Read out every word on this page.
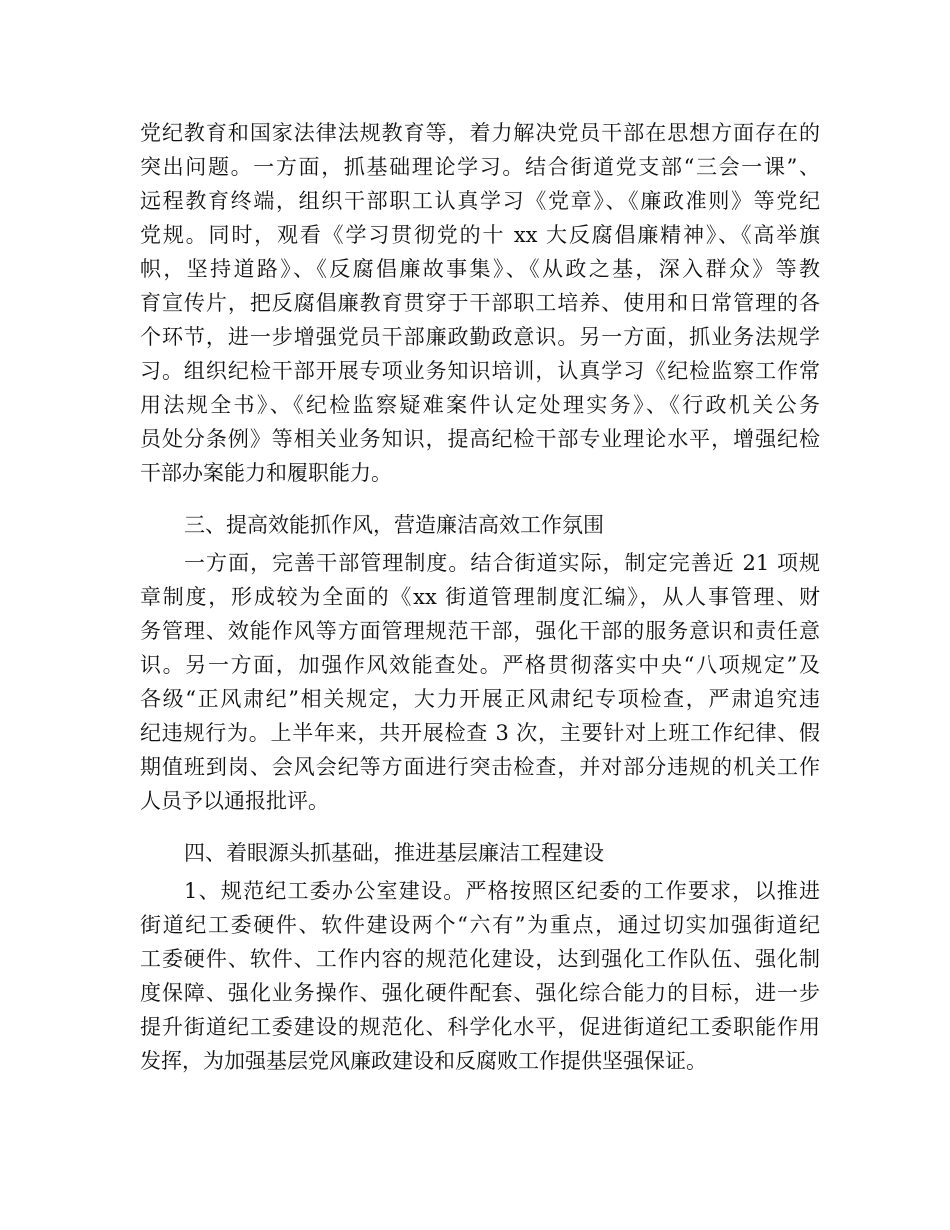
党纪教育和国家法律法规教育等，着力解决党员干部在思想方面存在的
突出问题。一方面，抓基础理论学习。结合街道党支部“三会一课”、
远程教育终端，组织干部职工认真学习《党章》、《廉政准则》等党纪
党规。同时，观看《学习贯彻党的十 xx 大反腐倡廉精神》、《高举旗
帜，坚持道路》、《反腐倡廉故事集》、《从政之基，深入群众》等教
育宣传片，把反腐倡廉教育贯穿于干部职工培养、使用和日常管理的各
个环节，进一步增强党员干部廉政勤政意识。另一方面，抓业务法规学
习。组织纪检干部开展专项业务知识培训，认真学习《纪检监察工作常
用法规全书》、《纪检监察疑难案件认定处理实务》、《行政机关公务
员处分条例》等相关业务知识，提高纪检干部专业理论水平，增强纪检
干部办案能力和履职能力。
三、提高效能抓作风，营造廉洁高效工作氛围
一方面，完善干部管理制度。结合街道实际，制定完善近 21 项规
章制度，形成较为全面的《xx 街道管理制度汇编》，从人事管理、财
务管理、效能作风等方面管理规范干部，强化干部的服务意识和责任意
识。另一方面，加强作风效能查处。严格贯彻落实中央“八项规定”及
各级“正风肃纪”相关规定，大力开展正风肃纪专项检查，严肃追究违
纪违规行为。上半年来，共开展检查 3 次，主要针对上班工作纪律、假
期值班到岗、会风会纪等方面进行突击检查，并对部分违规的机关工作
人员予以通报批评。
四、着眼源头抓基础，推进基层廉洁工程建设
1、规范纪工委办公室建设。严格按照区纪委的工作要求，以推进
街道纪工委硬件、软件建设两个“六有”为重点，通过切实加强街道纪
工委硬件、软件、工作内容的规范化建设，达到强化工作队伍、强化制
度保障、强化业务操作、强化硬件配套、强化综合能力的目标，进一步
提升街道纪工委建设的规范化、科学化水平，促进街道纪工委职能作用
发挥，为加强基层党风廉政建设和反腐败工作提供坚强保证。
